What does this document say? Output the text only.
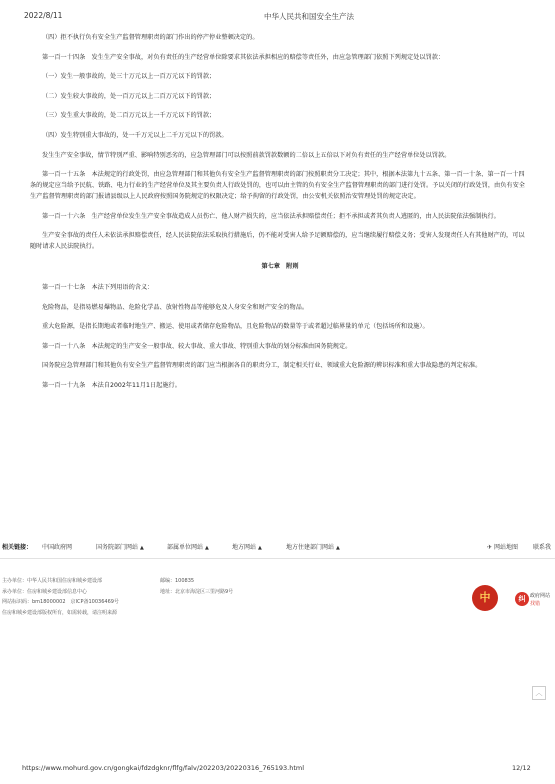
2022/8/11	中华人民共和国安全生产法

（四）拒不执行负有安全生产监督管理职责的部门作出的停产停业整顿决定的。

第一百一十四条　发生生产安全事故，对负有责任的生产经营单位除要求其依法承担相应的赔偿等责任外，由应急管理部门依照下列规定处以罚款：

（一）发生一般事故的，处三十万元以上一百万元以下的罚款；

（二）发生较大事故的，处一百万元以上二百万元以下的罚款；

（三）发生重大事故的，处二百万元以上一千万元以下的罚款；

（四）发生特别重大事故的，处一千万元以上二千万元以下的罚款。

发生生产安全事故，情节特别严重、影响特别恶劣的，应急管理部门可以按照前款罚款数额的二倍以上五倍以下对负有责任的生产经营单位处以罚款。

第一百一十五条　本法规定的行政处罚，由应急管理部门和其他负有安全生产监督管理职责的部门按照职责分工决定；其中，根据本法第九十五条、第一百一十条、第一百一十四条的规定应当给予民航、铁路、电力行业的生产经营单位及其主要负责人行政处罚的，也可以由主管的负有安全生产监督管理职责的部门进行处罚。予以关闭的行政处罚，由负有安全生产监督管理职责的部门报请县级以上人民政府按照国务院规定的权限决定；给予拘留的行政处罚，由公安机关依照治安管理处罚的规定决定。

第一百一十六条　生产经营单位发生生产安全事故造成人员伤亡、他人财产损失的，应当依法承担赔偿责任；拒不承担或者其负责人逃匿的，由人民法院依法强制执行。

生产安全事故的责任人未依法承担赔偿责任，经人民法院依法采取执行措施后，仍不能对受害人给予足额赔偿的，应当继续履行赔偿义务；受害人发现责任人有其他财产的，可以随时请求人民法院执行。

第七章　附则

第一百一十七条　本法下列用语的含义：

危险物品，是指易燃易爆物品、危险化学品、放射性物品等能够危及人身安全和财产安全的物品。

重大危险源，是指长期地或者临时地生产、搬运、使用或者储存危险物品，且危险物品的数量等于或者超过临界量的单元（包括场所和设施）。

第一百一十八条　本法规定的生产安全一般事故、较大事故、重大事故、特别重大事故的划分标准由国务院规定。

国务院应急管理部门和其他负有安全生产监督管理职责的部门应当根据各自的职责分工，制定相关行业、领域重大危险源的辨识标准和重大事故隐患的判定标准。

第一百一十九条　本法自2002年11月1日起施行。

相关链接： 中国政府网	国务院部门网站 ▲	部属单位网站 ▲	地方网站 ▲	地方住建部门网站 ▲	✈ 网站地图	联系我
主办单位：中华人民共和国住房和城乡建设部
承办单位：住房和城乡建设部信息中心
网站标识码：bm18000002　京ICP备10036469号
住房和城乡建设部版权所有，如需转载，请注明来源
邮编：100835
地址：北京市海淀区三里河路9号	中	纠 政府网站
找错
︿
https://www.mohurd.gov.cn/gongkai/fdzdgknr/flfg/falv/202203/20220316_765193.html	12/12
